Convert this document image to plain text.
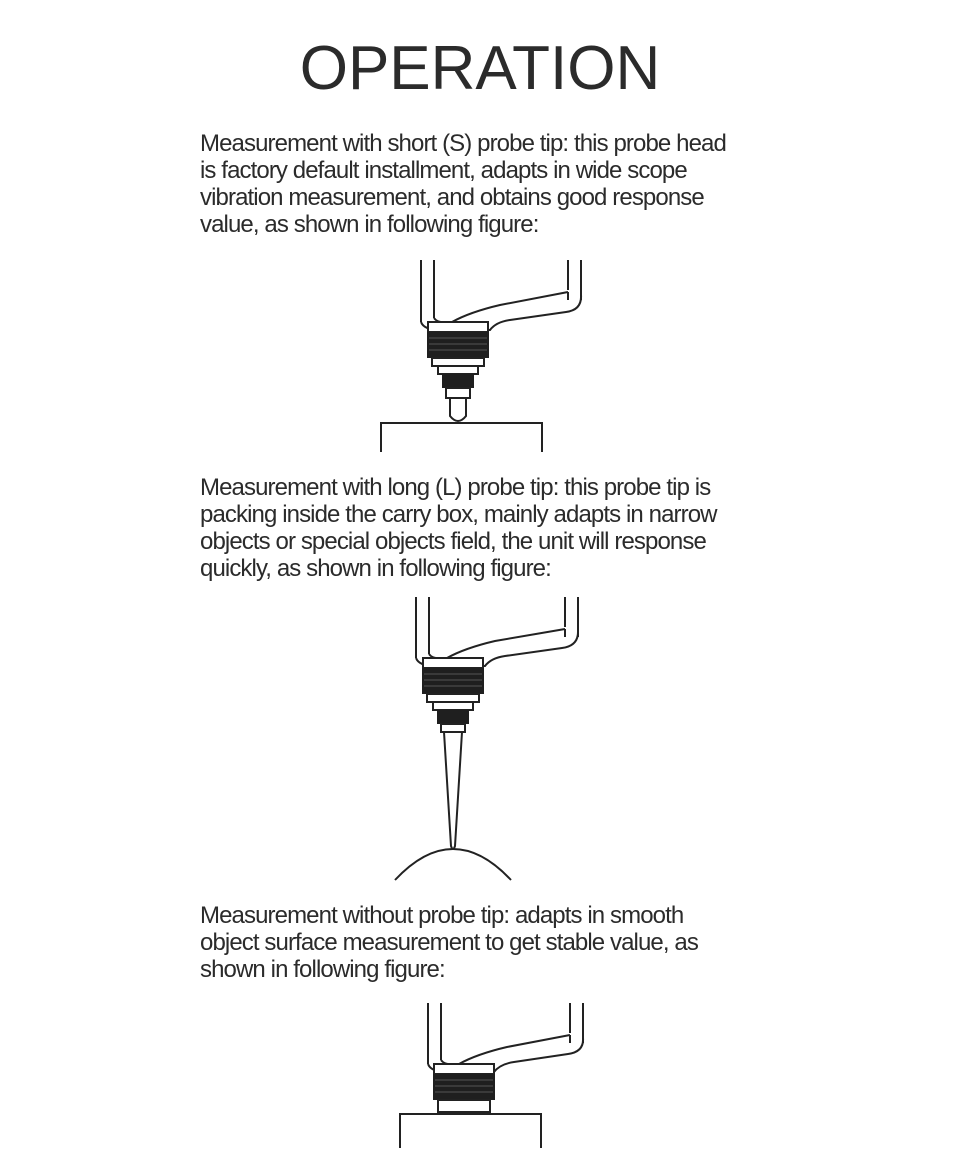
OPERATION

Measurement with short (S) probe tip: this probe head
is factory default installment, adapts in wide scope
vibration measurement, and obtains good response
value, as shown in following figure:

Measurement with long (L) probe tip: this probe tip is
packing inside the carry box, mainly adapts in narrow
objects or special objects field, the unit will response
quickly, as shown in following figure:

Measurement without probe tip: adapts in smooth
object surface measurement to get stable value, as
shown in following figure:
